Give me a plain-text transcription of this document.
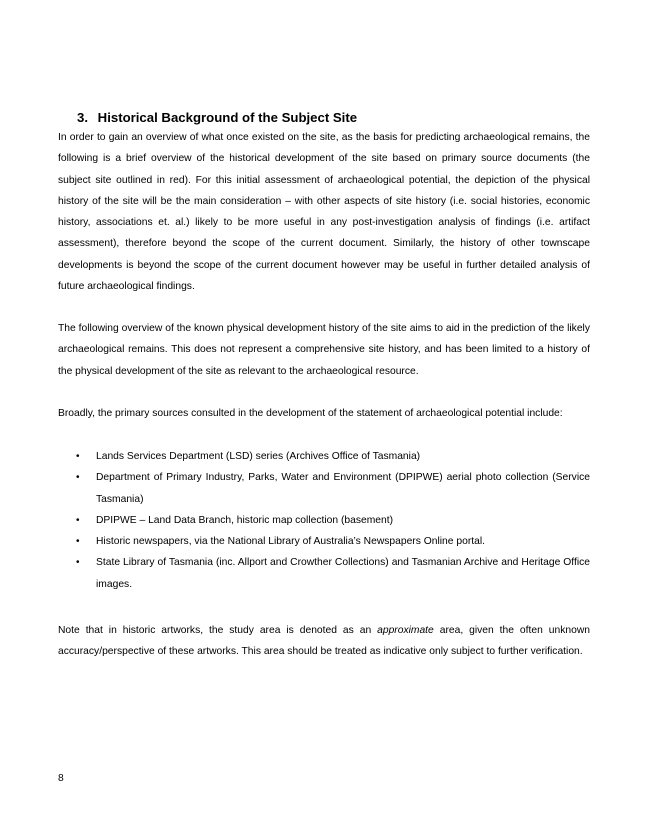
3. Historical Background of the Subject Site

In order to gain an overview of what once existed on the site, as the basis for predicting archaeological remains, the following is a brief overview of the historical development of the site based on primary source documents (the subject site outlined in red). For this initial assessment of archaeological potential, the depiction of the physical history of the site will be the main consideration – with other aspects of site history (i.e. social histories, economic history, associations et. al.) likely to be more useful in any post-investigation analysis of findings (i.e. artifact assessment), therefore beyond the scope of the current document. Similarly, the history of other townscape developments is beyond the scope of the current document however may be useful in further detailed analysis of future archaeological findings.

The following overview of the known physical development history of the site aims to aid in the prediction of the likely archaeological remains. This does not represent a comprehensive site history, and has been limited to a history of the physical development of the site as relevant to the archaeological resource.

Broadly, the primary sources consulted in the development of the statement of archaeological potential include:

• Lands Services Department (LSD) series (Archives Office of Tasmania)
• Department of Primary Industry, Parks, Water and Environment (DPIPWE) aerial photo collection (Service Tasmania)
• DPIPWE – Land Data Branch, historic map collection (basement)
• Historic newspapers, via the National Library of Australia’s Newspapers Online portal.
• State Library of Tasmania (inc. Allport and Crowther Collections) and Tasmanian Archive and Heritage Office images.

Note that in historic artworks, the study area is denoted as an approximate area, given the often unknown accuracy/perspective of these artworks. This area should be treated as indicative only subject to further verification.

8
